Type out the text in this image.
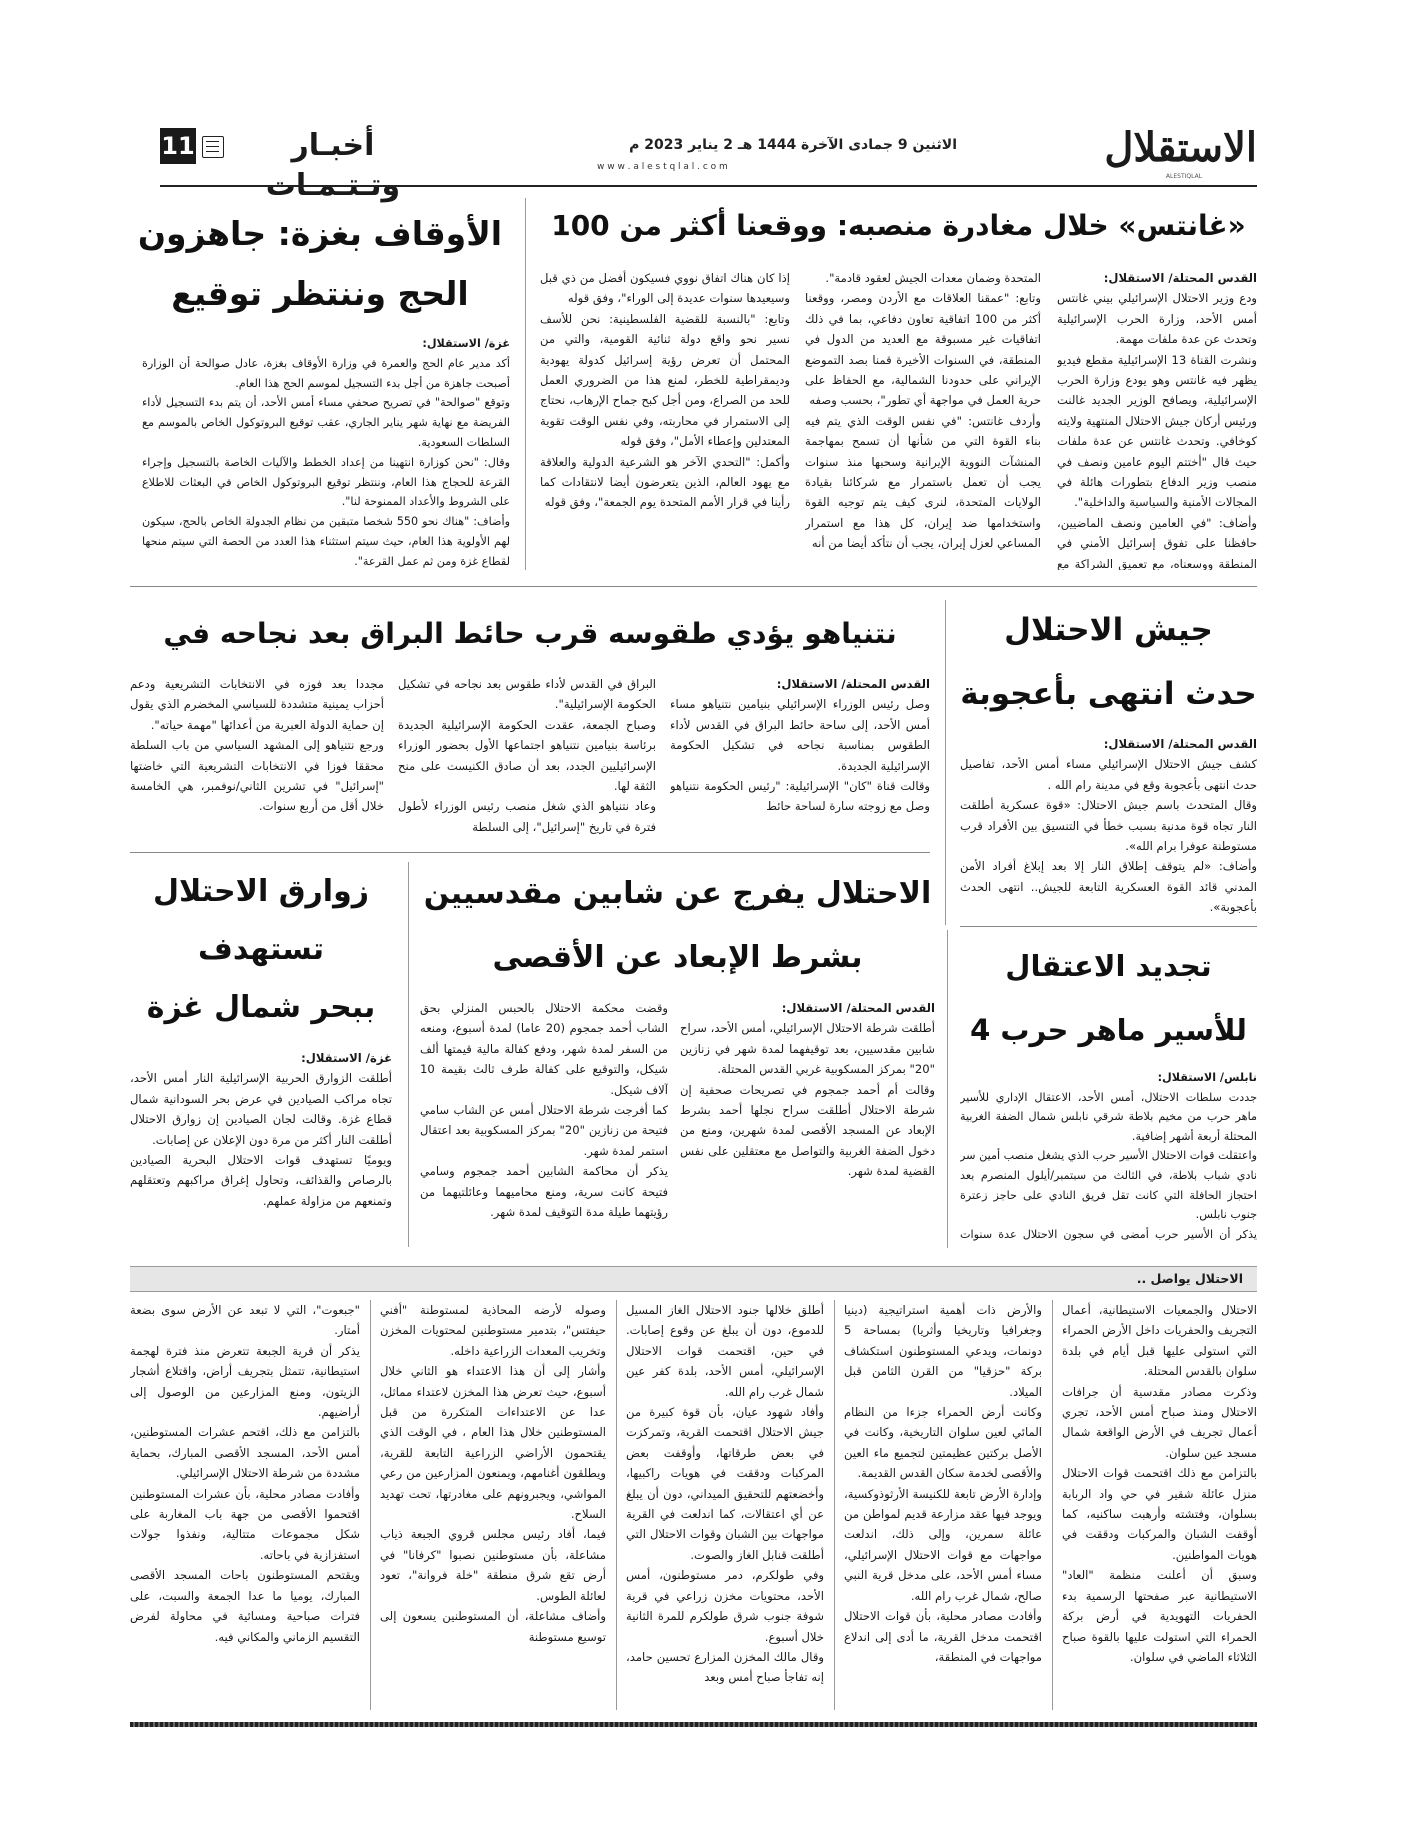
الاستقلال
ALESTIQLAL
الاثنين 9 جمادى الآخرة 1444 هـ 2 يناير 2023 م
w w w . a l e s t q l a l . c o m
أخبـار وتـتـمـات
11
«غانتس» خلال مغادرة منصبه: ووقعنا أكثر من 100

القدس المحتلة/ الاستقلال:

ودع وزير الاحتلال الإسرائيلي بيني غانتس أمس الأحد، وزارة الحرب الإسرائيلية وتحدث عن عدة ملفات مهمة.

ونشرت القناة 13 الإسرائيلية مقطع فيديو يظهر فيه غانتس وهو يودع وزارة الحرب الإسرائيلية، ويصافح الوزير الجديد غالنت ورئيس أركان جيش الاحتلال المنتهية ولايته كوخافي. وتحدث غانتس عن عدة ملفات حيث قال "أختتم اليوم عامين ونصف في منصب وزير الدفاع بتطورات هائلة في المجالات الأمنية والسياسية والداخلية".

وأضاف: "في العامين ونصف الماضيين، حافظنا على تفوق إسرائيل الأمني في المنطقة ووسعناه، مع تعميق الشراكة مع

المتحدة وضمان معدات الجيش لعقود قادمة".

وتابع: "عمقنا العلاقات مع الأردن ومصر، ووقعنا أكثر من 100 اتفاقية تعاون دفاعي، بما في ذلك اتفاقيات غير مسبوقة مع العديد من الدول في المنطقة، في السنوات الأخيرة قمنا بصد التموضع الإيراني على حدودنا الشمالية، مع الحفاظ على حرية العمل في مواجهة أي تطور"، بحسب وصفه

وأردف غانتس: "في نفس الوقت الذي يتم فيه بناء القوة التي من شأنها أن تسمح بمهاجمة المنشآت النووية الإيرانية وسحبها منذ سنوات يجب أن تعمل باستمرار مع شركائنا بقيادة الولايات المتحدة، لنرى كيف يتم توجيه القوة واستخدامها ضد إيران، كل هذا مع استمرار المساعي لعزل إيران، يجب أن نتأكد أيضا من أنه

إذا كان هناك اتفاق نووي فسيكون أفضل من ذي قبل وسيعيدها سنوات عديدة إلى الوراء"، وفق قوله

وتابع: "بالنسبة للقضية الفلسطينية: نحن للأسف نسير نحو واقع دولة ثنائية القومية، والتي من المحتمل أن تعرض رؤية إسرائيل كدولة يهودية وديمقراطية للخطر، لمنع هذا من الضروري العمل للحد من الصراع، ومن أجل كبح جماح الإرهاب، نحتاج إلى الاستمرار في محاربته، وفي نفس الوقت تقوية المعتدلين وإعطاء الأمل"، وفق قوله

وأكمل: "التحدي الآخر هو الشرعية الدولية والعلاقة مع يهود العالم، الذين يتعرضون أيضا لانتقادات كما رأينا في قرار الأمم المتحدة يوم الجمعة"، وفق قوله

الأوقاف بغزة: جاهزون
الحج وننتظر توقيع

غزة/ الاستقلال:

أكد مدير عام الحج والعمرة في وزارة الأوقاف بغزة، عادل صوالحة أن الوزارة أصبحت جاهزة من أجل بدء التسجيل لموسم الحج هذا العام.

وتوقع "صوالحة" في تصريح صحفي مساء أمس الأحد، أن يتم بدء التسجيل لأداء الفريضة مع نهاية شهر يناير الجاري، عقب توقيع البروتوكول الخاص بالموسم مع السلطات السعودية.

وقال: "نحن كوزارة انتهينا من إعداد الخطط والآليات الخاصة بالتسجيل وإجراء القرعة للحجاج هذا العام، وننتظر توقيع البروتوكول الخاص في البعثات للاطلاع على الشروط والأعداد الممنوحة لنا".

وأضاف: "هناك نحو 550 شخصا متبقين من نظام الجدولة الخاص بالحج، سيكون لهم الأولوية هذا العام، حيث سيتم استثناء هذا العدد من الحصة التي سيتم منحها لقطاع غزة ومن ثم عمل القرعة".

جيش الاحتلال
حدث انتهى بأعجوبة

القدس المحتلة/ الاستقلال:

كشف جيش الاحتلال الإسرائيلي مساء أمس الأحد، تفاصيل حدث انتهى بأعجوبة وقع في مدينة رام الله .

وقال المتحدث باسم جيش الاحتلال: «قوة عسكرية أطلقت النار تجاه قوة مدنية بسبب خطأ في التنسيق بين الأفراد قرب مستوطنة عوفرا برام الله».

وأضاف: «لم يتوقف إطلاق النار إلا بعد إبلاغ أفراد الأمن المدني قائد القوة العسكرية التابعة للجيش.. انتهى الحدث بأعجوبة».

نتنياهو يؤدي طقوسه قرب حائط البراق بعد نجاحه في

القدس المحتلة/ الاستقلال:

وصل رئيس الوزراء الإسرائيلي بنيامين نتنياهو مساء أمس الأحد، إلى ساحة حائط البراق في القدس لأداء الطقوس بمناسبة نجاحه في تشكيل الحكومة الإسرائيلية الجديدة.

وقالت قناة "كان" الإسرائيلية: "رئيس الحكومة نتنياهو وصل مع زوجته سارة لساحة حائط

البراق في القدس لأداء طقوس بعد نجاحه في تشكيل الحكومة الإسرائيلية".

وصباح الجمعة، عقدت الحكومة الإسرائيلية الجديدة برئاسة بنيامين نتنياهو اجتماعها الأول بحضور الوزراء الإسرائيليين الجدد، بعد أن صادق الكنيست على منح الثقة لها.

وعاد نتنياهو الذي شغل منصب رئيس الوزراء لأطول فترة في تاريخ "إسرائيل"، إلى السلطة

مجددا بعد فوزه في الانتخابات التشريعية ودعم أحزاب يمينية متشددة للسياسي المخضرم الذي يقول إن حماية الدولة العبرية من أعدائها "مهمة حياته".

ورجع نتنياهو إلى المشهد السياسي من باب السلطة محققا فوزا في الانتخابات التشريعية التي خاضتها "إسرائيل" في تشرين الثاني/نوفمبر، هي الخامسة خلال أقل من أربع سنوات.

زوارق الاحتلال
تستهدف
ببحر شمال غزة

غزة/ الاستقلال:

أطلقت الزوارق الحربية الإسرائيلية النار أمس الأحد، تجاه مراكب الصيادين في عرض بحر السودانية شمال قطاع غزة. وقالت لجان الصيادين إن زوارق الاحتلال أطلقت النار أكثر من مرة دون الإعلان عن إصابات.

ويوميًا تستهدف قوات الاحتلال البحرية الصيادين بالرصاص والقذائف، وتحاول إغراق مراكبهم وتعتقلهم وتمنعهم من مزاولة عملهم.

الاحتلال يفرج عن شابين مقدسيين
بشرط الإبعاد عن الأقصى

القدس المحتلة/ الاستقلال:

أطلقت شرطة الاحتلال الإسرائيلي، أمس الأحد، سراح شابين مقدسيين، بعد توقيفهما لمدة شهر في زنازين "20" بمركز المسكوبية غربي القدس المحتلة.

وقالت أم أحمد جمجوم في تصريحات صحفية إن شرطة الاحتلال أطلقت سراح نجلها أحمد بشرط الإبعاد عن المسجد الأقصى لمدة شهرين، ومنع من دخول الضفة الغربية والتواصل مع معتقلين على نفس القضية لمدة شهر.

وقضت محكمة الاحتلال بالحبس المنزلي بحق الشاب أحمد جمجوم (20 عاما) لمدة أسبوع، ومنعه من السفر لمدة شهر، ودفع كفالة مالية قيمتها ألف شيكل، والتوقيع على كفالة طرف ثالث بقيمة 10 آلاف شيكل.

كما أفرجت شرطة الاحتلال أمس عن الشاب سامي فتيحة من زنازين "20" بمركز المسكوبية بعد اعتقال استمر لمدة شهر.

يذكر أن محاكمة الشابين أحمد جمجوم وسامي فتيحة كانت سرية، ومنع محاميهما وعائلتيهما من رؤيتهما طيلة مدة التوقيف لمدة شهر.

تجديد الاعتقال
للأسير ماهر حرب 4

نابلس/ الاستقلال:

جددت سلطات الاحتلال، أمس الأحد، الاعتقال الإداري للأسير ماهر حرب من مخيم بلاطة شرقي نابلس شمال الضفة الغربية المحتلة أربعة أشهر إضافية.

واعتقلت قوات الاحتلال الأسير حرب الذي يشغل منصب أمين سر نادي شباب بلاطة، في الثالث من سبتمبر/أيلول المنصرم بعد احتجاز الحافلة التي كانت تقل فريق النادي على حاجز زعترة جنوب نابلس.

يذكر أن الأسير حرب أمضى في سجون الاحتلال عدة سنوات

الاحتلال يواصل ..

الاحتلال والجمعيات الاستيطانية، أعمال التجريف والحفريات داخل الأرض الحمراء التي استولى عليها قبل أيام في بلدة سلوان بالقدس المحتلة.

وذكرت مصادر مقدسية أن جرافات الاحتلال ومنذ صباح أمس الأحد، تجري أعمال تجريف في الأرض الواقعة شمال مسجد عين سلوان.

بالتزامن مع ذلك اقتحمت قوات الاحتلال منزل عائلة شقير في حي واد الربابة بسلوان، وفتشته وأرهبت ساكنيه، كما أوقفت الشبان والمركبات ودققت في هويات المواطنين.

وسبق أن أعلنت منظمة "العاد" الاستيطانية عبر صفحتها الرسمية بدء الحفريات التهويدية في أرض بركة الحمراء التي استولت عليها بالقوة صباح الثلاثاء الماضي في سلوان.

والأرض ذات أهمية استراتيجية (دينيا وجغرافيا وتاريخيا وأثريا) بمساحة 5 دونمات، ويدعي المستوطنون استكشاف بركة "حزقيا" من القرن الثامن قبل الميلاد.

وكانت أرض الحمراء جزءا من النظام المائي لعين سلوان التاريخية، وكانت في الأصل بركتين عظيمتين لتجميع ماء العين والأقصى لخدمة سكان القدس القديمة.

وإدارة الأرض تابعة للكنيسة الأرثوذوكسية، ويوجد فيها عقد مزارعة قديم لمواطن من عائلة سمرين، وإلى ذلك، اندلعت مواجهات مع قوات الاحتلال الإسرائيلي، مساء أمس الأحد، على مدخل قرية النبي صالح، شمال غرب رام الله.

وأفادت مصادر محلية، بأن قوات الاحتلال اقتحمت مدخل القرية، ما أدى إلى اندلاع مواجهات في المنطقة،

أطلق خلالها جنود الاحتلال الغاز المسيل للدموع، دون أن يبلغ عن وقوع إصابات. في حين، اقتحمت قوات الاحتلال الإسرائيلي، أمس الأحد، بلدة كفر عين شمال غرب رام الله.

وأفاد شهود عيان، بأن قوة كبيرة من جيش الاحتلال اقتحمت القرية، وتمركزت في بعض طرقاتها، وأوقفت بعض المركبات ودققت في هويات راكبيها، وأخضعتهم للتحقيق الميداني، دون أن يبلغ عن أي اعتقالات، كما اندلعت في القرية مواجهات بين الشبان وقوات الاحتلال التي أطلقت قنابل الغاز والصوت.

وفي طولكرم، دمر مستوطنون، أمس الأحد، محتويات مخزن زراعي في قرية شوفة جنوب شرق طولكرم للمرة الثانية خلال أسبوع.

وقال مالك المخزن المزارع تحسين حامد، إنه تفاجأ صباح أمس وبعد

وصوله لأرضه المحاذية لمستوطنة "أفني حيفتس"، بتدمير مستوطنين لمحتويات المخزن وتخريب المعدات الزراعية داخله.

وأشار إلى أن هذا الاعتداء هو الثاني خلال أسبوع، حيث تعرض هذا المخزن لاعتداء مماثل، عدا عن الاعتداءات المتكررة من قبل المستوطنين خلال هذا العام ، في الوقت الذي يقتحمون الأراضي الزراعية التابعة للقرية، ويطلقون أغنامهم، ويمنعون المزارعين من رعي المواشي، ويجبرونهم على مغادرتها، تحت تهديد السلاح.

فيما، أفاد رئيس مجلس قروي الجبعة ذياب مشاعلة، بأن مستوطنين نصبوا "كرفانا" في أرض تقع شرق منطقة "خلة فروانة"، تعود لعائلة الطوس.

وأضاف مشاعلة، أن المستوطنين يسعون إلى توسيع مستوطنة

"جبعوت"، التي لا تبعد عن الأرض سوى بضعة أمتار.

يذكر أن قرية الجبعة تتعرض منذ فترة لهجمة استيطانية، تتمثل بتجريف أراض، واقتلاع أشجار الزيتون، ومنع المزارعين من الوصول إلى أراضيهم.

بالتزامن مع ذلك، اقتحم عشرات المستوطنين، أمس الأحد، المسجد الأقصى المبارك، بحماية مشددة من شرطة الاحتلال الإسرائيلي.

وأفادت مصادر محلية، بأن عشرات المستوطنين اقتحموا الأقصى من جهة باب المغاربة على شكل مجموعات متتالية، ونفذوا جولات استفزازية في باحاته.

ويقتحم المستوطنون باحات المسجد الأقصى المبارك، يوميا ما عدا الجمعة والسبت، على فترات صباحية ومسائية في محاولة لفرض التقسيم الزماني والمكاني فيه.
